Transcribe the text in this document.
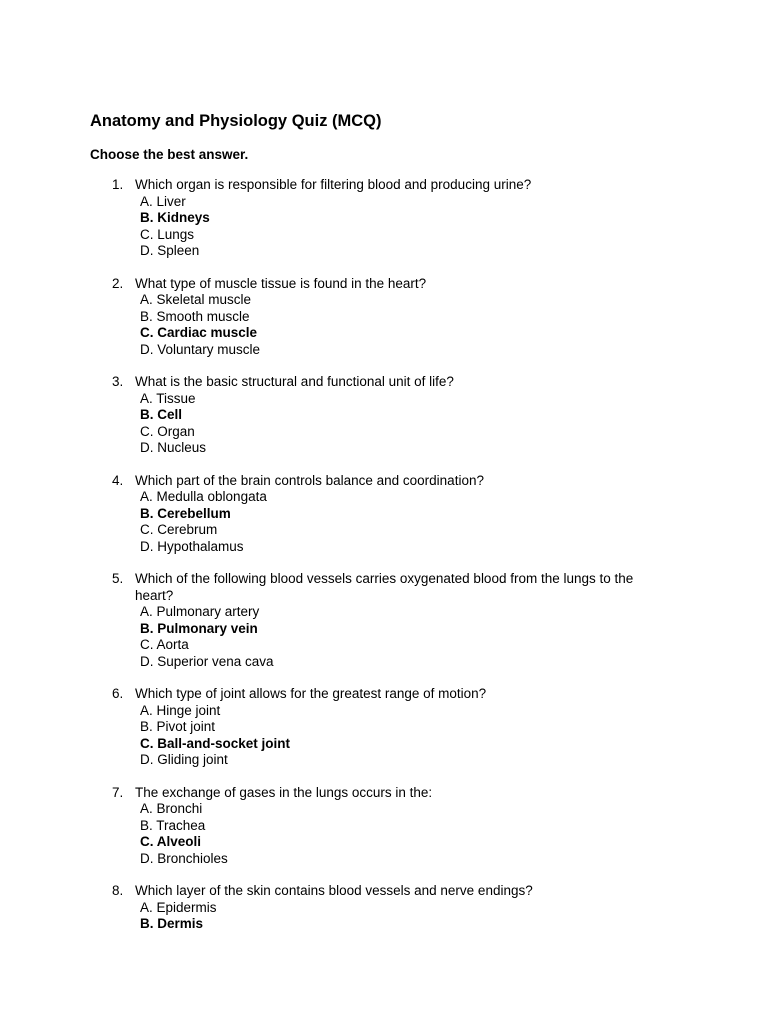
Anatomy and Physiology Quiz (MCQ)

Choose the best answer.

1. Which organ is responsible for filtering blood and producing urine?
A. Liver
B. Kidneys
C. Lungs
D. Spleen
2. What type of muscle tissue is found in the heart?
A. Skeletal muscle
B. Smooth muscle
C. Cardiac muscle
D. Voluntary muscle
3. What is the basic structural and functional unit of life?
A. Tissue
B. Cell
C. Organ
D. Nucleus
4. Which part of the brain controls balance and coordination?
A. Medulla oblongata
B. Cerebellum
C. Cerebrum
D. Hypothalamus
5. Which of the following blood vessels carries oxygenated blood from the lungs to the heart?
A. Pulmonary artery
B. Pulmonary vein
C. Aorta
D. Superior vena cava
6. Which type of joint allows for the greatest range of motion?
A. Hinge joint
B. Pivot joint
C. Ball-and-socket joint
D. Gliding joint
7. The exchange of gases in the lungs occurs in the:
A. Bronchi
B. Trachea
C. Alveoli
D. Bronchioles
8. Which layer of the skin contains blood vessels and nerve endings?
A. Epidermis
B. Dermis
